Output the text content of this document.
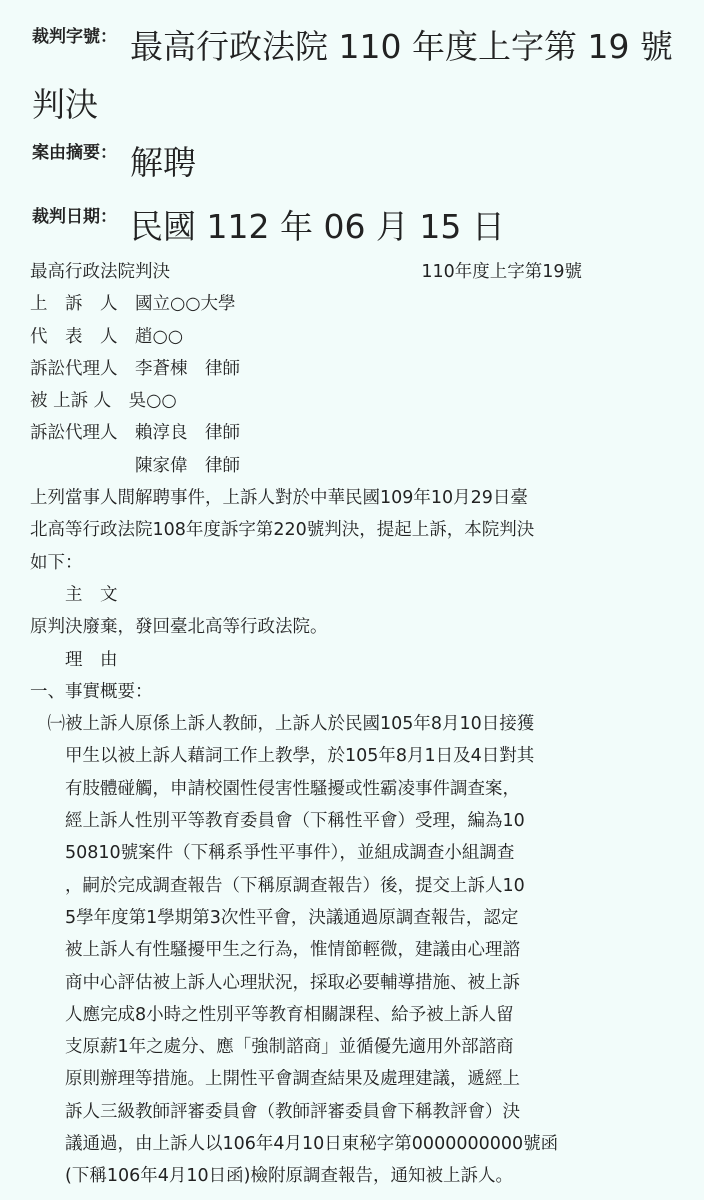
裁判字號： 最高行政法院 110 年度上字第 19 號 判決
案由摘要： 解聘
裁判日期： 民國 112 年 06 月 15 日
最高行政法院判決	110年度上字第19號
上　訴　人　國立○○大學
代　表　人　趙○○
訴訟代理人　李蒼棟　律師
被 上訴 人　吳○○
訴訟代理人　賴淳良　律師
　　　　　　陳家偉　律師
上列當事人間解聘事件，上訴人對於中華民國109年10月29日臺
北高等行政法院108年度訴字第220號判決，提起上訴，本院判決
如下：
　　主　文
原判決廢棄，發回臺北高等行政法院。
　　理　由
一、事實概要：
　㈠被上訴人原係上訴人教師，上訴人於民國105年8月10日接獲
　　甲生以被上訴人藉詞工作上教學，於105年8月1日及4日對其
　　有肢體碰觸，申請校園性侵害性騷擾或性霸凌事件調查案，
　　經上訴人性別平等教育委員會（下稱性平會）受理，編為10
　　50810號案件（下稱系爭性平事件），並組成調查小組調查
　　，嗣於完成調查報告（下稱原調查報告）後，提交上訴人10
　　5學年度第1學期第3次性平會，決議通過原調查報告，認定
　　被上訴人有性騷擾甲生之行為，惟情節輕微，建議由心理諮
　　商中心評估被上訴人心理狀況，採取必要輔導措施、被上訴
　　人應完成8小時之性別平等教育相關課程、給予被上訴人留
　　支原薪1年之處分、應「強制諮商」並循優先適用外部諮商
　　原則辦理等措施。上開性平會調查結果及處理建議，遞經上
　　訴人三級教師評審委員會（教師評審委員會下稱教評會）決
　　議通過，由上訴人以106年4月10日東秘字第0000000000號函
　　(下稱106年4月10日函)檢附原調查報告，通知被上訴人。
